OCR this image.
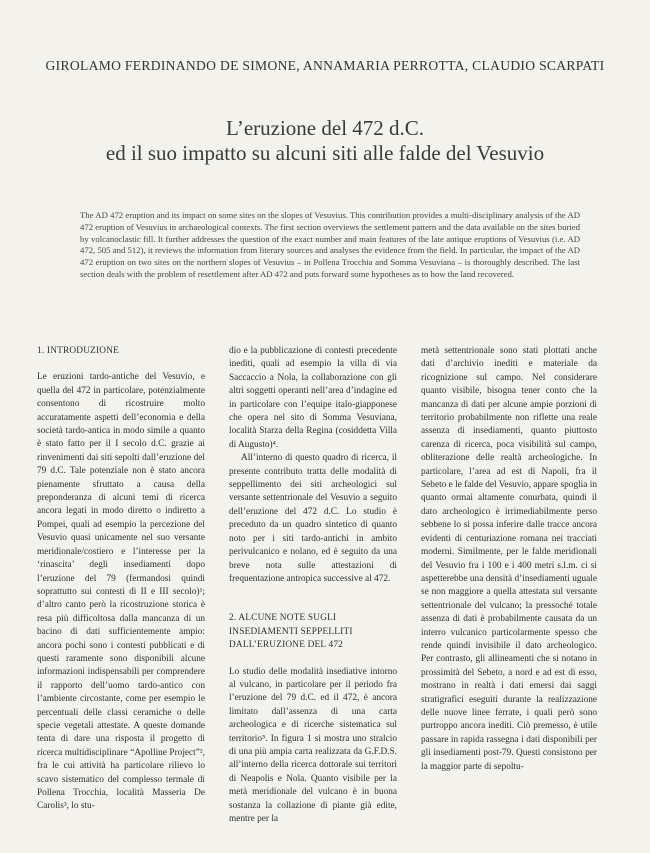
GIROLAMO FERDINANDO DE SIMONE, ANNAMARIA PERROTTA, CLAUDIO SCARPATI
L’eruzione del 472 d.C.
ed il suo impatto su alcuni siti alle falde del Vesuvio
The AD 472 eruption and its impact on some sites on the slopes of Vesuvius. This contribution provides a multi-disciplinary analysis of the AD 472 eruption of Vesuvius in archaeological contexts. The first section overviews the settlement pattern and the data available on the sites buried by volcanoclastic fill. It further addresses the question of the exact number and main features of the late antique eruptions of Vesuvius (i.e. AD 472, 505 and 512), it reviews the information from literary sources and analyses the evidence from the field. In particular, the impact of the AD 472 eruption on two sites on the northern slopes of Vesuvius – in Pollena Trocchia and Somma Vesuviana – is thoroughly described. The last section deals with the problem of resettlement after AD 472 and puts forward some hypotheses as to how the land recovered.
1. INTRODUZIONE

Le eruzioni tardo-antiche del Vesuvio, e quella del 472 in particolare, potenzialmente consentono di ricostruire molto accuratamente aspetti dell’economia e della società tardo-antica in modo simile a quanto è stato fatto per il I secolo d.C. grazie ai rinvenimenti dai siti sepolti dall’eruzione del 79 d.C. Tale potenziale non è stato ancora pienamente sfruttato a causa della preponderanza di alcuni temi di ricerca ancora legati in modo diretto o indiretto a Pompei, quali ad esempio la percezione del Vesuvio quasi unicamente nel suo versante meridionale/costiero e l’interesse per la ‘rinascita’ degli insediamenti dopo l’eruzione del 79 (fermandosi quindi soprattutto sui contesti di II e III secolo)¹; d’altro canto però la ricostruzione storica è resa più difficoltosa dalla mancanza di un bacino di dati sufficientemente ampio: ancora pochi sono i contesti pubblicati e di questi raramente sono disponibili alcune informazioni indispensabili per comprendere il rapporto dell’uomo tardo-antico con l’ambiente circostante, come per esempio le percentuali delle classi ceramiche o delle specie vegetali attestate. A queste domande tenta di dare una risposta il progetto di ricerca multidisciplinare “Apolline Project”², fra le cui attività ha particolare rilievo lo scavo sistematico del complesso termale di Pollena Trocchia, località Masseria De Carolis³, lo stu-

dio e la pubblicazione di contesti precedente inediti, quali ad esempio la villa di via Saccaccio a Nola, la collaborazione con gli altri soggetti operanti nell’area d’indagine ed in particolare con l’equipe italo-giapponese che opera nel sito di Somma Vesuviana, località Starza della Regina (cosiddetta Villa di Augusto)⁴.

All’interno di questo quadro di ricerca, il presente contributo tratta delle modalità di seppellimento dei siti archeologici sul versante settentrionale del Vesuvio a seguito dell’eruzione del 472 d.C. Lo studio è preceduto da un quadro sintetico di quanto noto per i siti tardo-antichi in ambito perivulcanico e nolano, ed è seguito da una breve nota sulle attestazioni di frequentazione antropica successive al 472.

2. ALCUNE NOTE SUGLI INSEDIAMENTI SEPPELLITI DALL’ERUZIONE DEL 472

Lo studio delle modalità insediative intorno al vulcano, in particolare per il periodo fra l’eruzione del 79 d.C. ed il 472, è ancora limitato dall’assenza di una carta archeologica e di ricerche sistematica sul territorio⁵. In figura 1 si mostra uno stralcio di una più ampia carta realizzata da G.F.D.S. all’interno della ricerca dottorale sui territori di Neapolis e Nola. Quanto visibile per la metà meridionale del vulcano è in buona sostanza la collazione di piante già edite, mentre per la

metà settentrionale sono stati plottati anche dati d’archivio inediti e materiale da ricognizione sul campo. Nel considerare quanto visibile, bisogna tener conto che la mancanza di dati per alcune ampie porzioni di territorio probabilmente non riflette una reale assenza di insediamenti, quanto piuttosto carenza di ricerca, poca visibilità sul campo, obliterazione delle realtà archeologiche. In particolare, l’area ad est di Napoli, fra il Sebeto e le falde del Vesuvio, appare spoglia in quanto ormai altamente conurbata, quindi il dato archeologico è irrimediabilmente perso sebbene lo si possa inferire dalle tracce ancora evidenti di centuriazione romana nei tracciati moderni. Similmente, per le falde meridionali del Vesuvio fra i 100 e i 400 metri s.l.m. ci si aspetterebbe una densità d’insediamenti uguale se non maggiore a quella attestata sul versante settentrionale del vulcano; la pressoché totale assenza di dati è probabilmente causata da un interro vulcanico particolarmente spesso che rende quindi invisibile il dato archeologico. Per contrasto, gli allineamenti che si notano in prossimità del Sebeto, a nord e ad est di esso, mostrano in realtà i dati emersi dai saggi stratigrafici eseguiti durante la realizzazione delle nuove linee ferrate, i quali però sono purtroppo ancora inediti. Ciò premesso, è utile passare in rapida rassegna i dati disponibili per gli insediamenti post-79. Questi consistono per la maggior parte di sepoltu-
